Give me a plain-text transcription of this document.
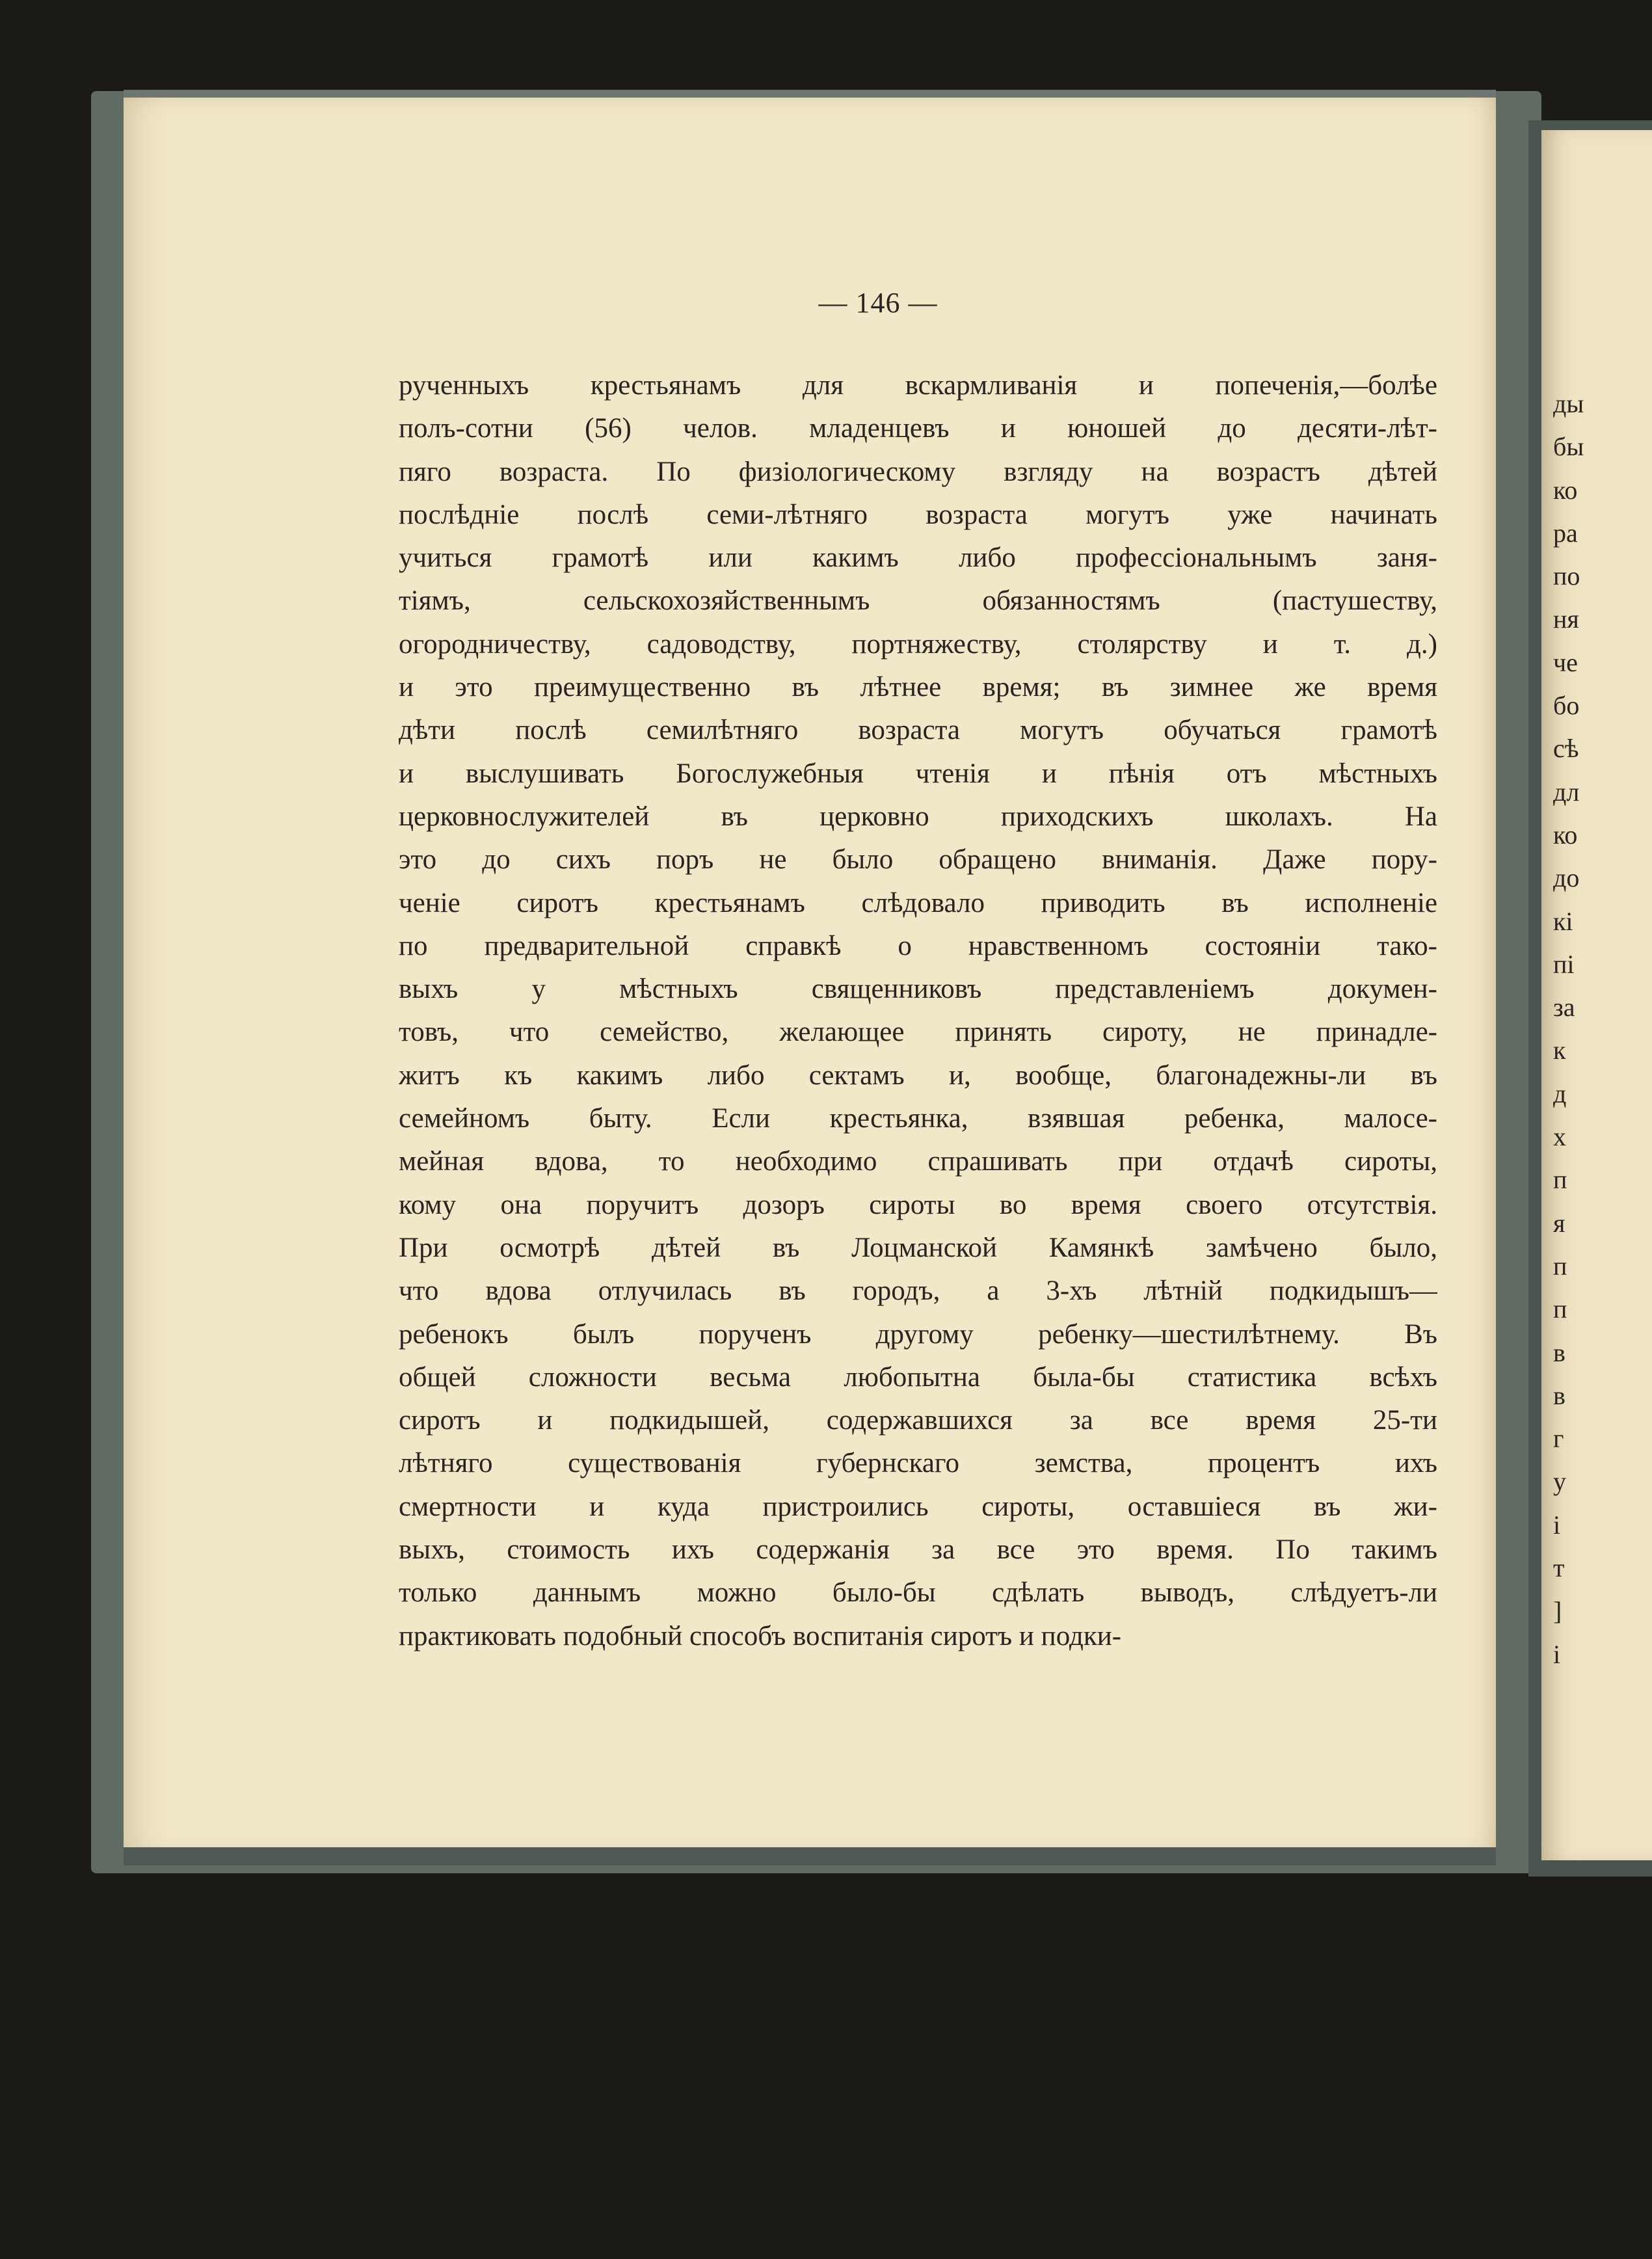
ды
бы
ко
ра
по
ня
че
бо
сѣ
дл
ко
до
кі
пі
за
к
д
х
п
я
п
п
в
в
г
у
і
т
]
і
— 146 —
рученныхъ крестьянамъ для вскармливанія и попеченія,—болѣе
полъ-сотни (56) челов. младенцевъ и юношей до десяти-лѣт-
пяго возраста. По физіологическому взгляду на возрастъ дѣтей
послѣдніе послѣ семи-лѣтняго возраста могутъ уже начинать
учиться грамотѣ или какимъ либо профессіональнымъ заня-
тіямъ, сельскохозяйственнымъ обязанностямъ (пастушеству,
огородничеству, садоводству, портняжеству, столярству и т. д.)
и это преимущественно въ лѣтнее время; въ зимнее же время
дѣти послѣ семилѣтняго возраста могутъ обучаться грамотѣ
и выслушивать Богослужебныя чтенія и пѣнія отъ мѣстныхъ
церковнослужителей въ церковно приходскихъ школахъ. На
это до сихъ поръ не было обращено вниманія. Даже пору-
ченіе сиротъ крестьянамъ слѣдовало приводить въ исполненіе
по предварительной справкѣ о нравственномъ состояніи тако-
выхъ у мѣстныхъ священниковъ представленіемъ докумен-
товъ, что семейство, желающее принять сироту, не принадле-
житъ къ какимъ либо сектамъ и, вообще, благонадежны-ли въ
семейномъ быту. Если крестьянка, взявшая ребенка, малосе-
мейная вдова, то необходимо спрашивать при отдачѣ сироты,
кому она поручитъ дозоръ сироты во время своего отсутствія.
При осмотрѣ дѣтей въ Лоцманской Камянкѣ замѣчено было,
что вдова отлучилась въ городъ, а 3-хъ лѣтній подкидышъ—
ребенокъ былъ порученъ другому ребенку—шестилѣтнему. Въ
общей сложности весьма любопытна была-бы статистика всѣхъ
сиротъ и подкидышей, содержавшихся за все время 25-ти
лѣтняго существованія губернскаго земства, процентъ ихъ
смертности и куда пристроились сироты, оставшіеся въ жи-
выхъ, стоимость ихъ содержанія за все это время. По такимъ
только даннымъ можно было-бы сдѣлать выводъ, слѣдуетъ-ли
практиковать подобный способъ воспитанія сиротъ и подки-
